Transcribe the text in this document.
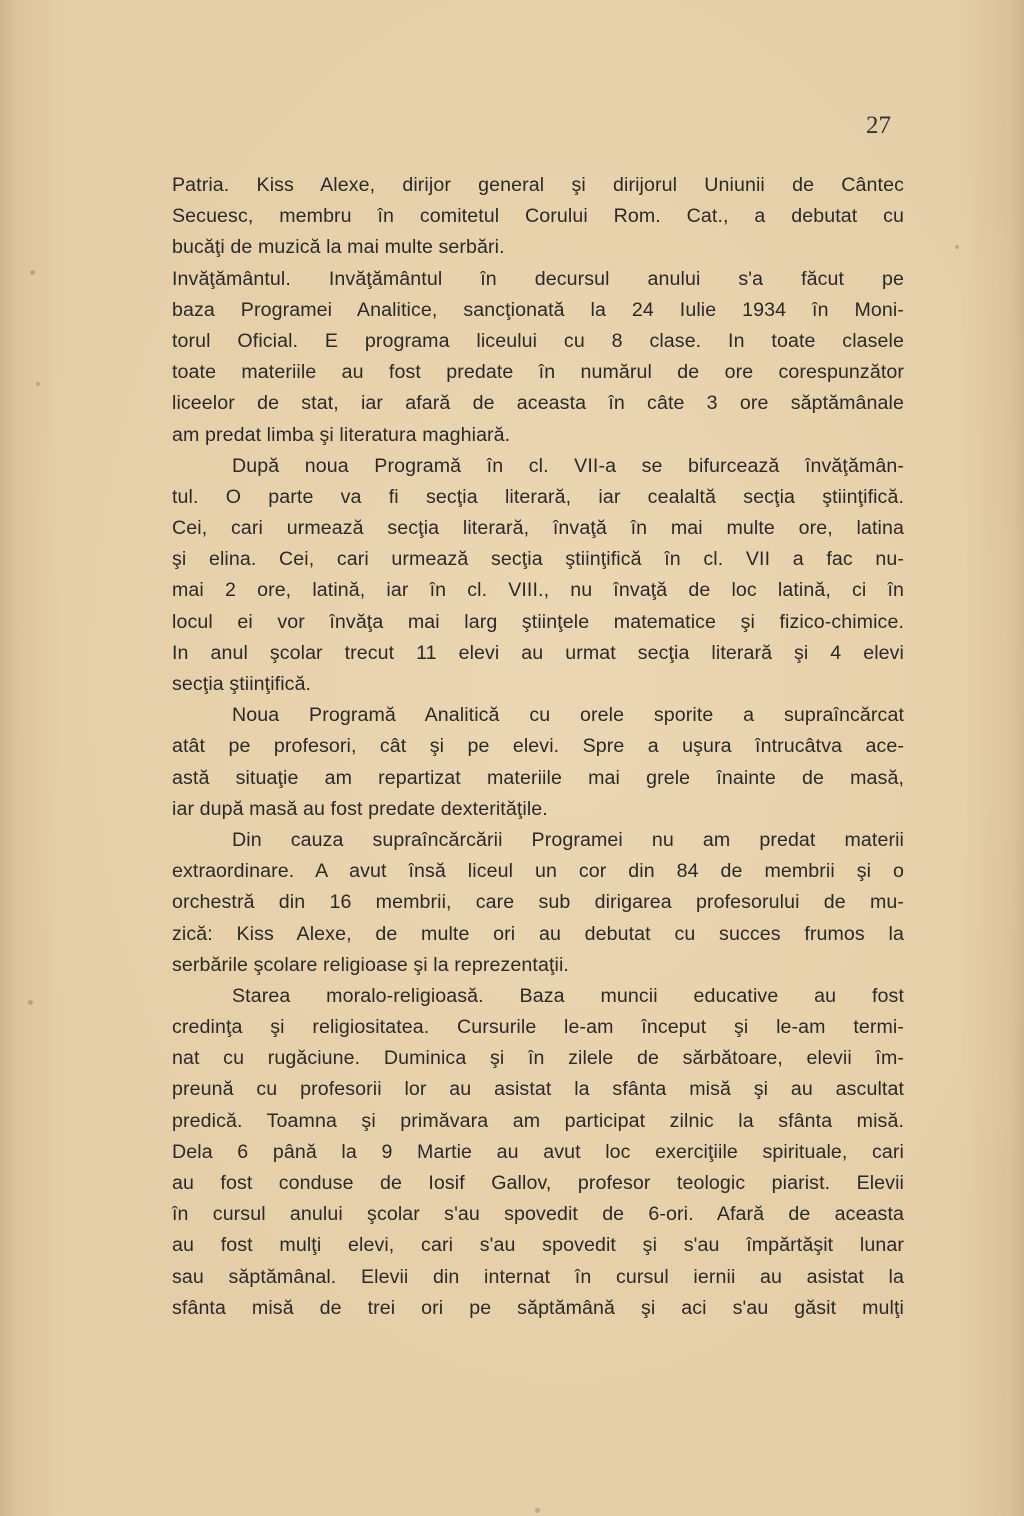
27
Patria. Kiss Alexe, dirijor general şi dirijorul Uniunii de Cântec
Secuesc, membru în comitetul Corului Rom. Cat., a debutat cu
bucăţi de muzică la mai multe serbări.
Invăţământul. Invăţământul în decursul anului s'a făcut pe
baza Programei Analitice, sancţionată la 24 Iulie 1934 în Moni-
torul Oficial. E programa liceului cu 8 clase. In toate clasele
toate materiile au fost predate în numărul de ore corespunzător
liceelor de stat, iar afară de aceasta în câte 3 ore săptămânale
am predat limba şi literatura maghiară.
După noua Programă în cl. VII-a se bifurcează învăţămân-
tul. O parte va fi secţia literară, iar cealaltă secţia ştiinţifică.
Cei, cari urmează secţia literară, învaţă în mai multe ore, latina
şi elina. Cei, cari urmează secţia ştiinţifică în cl. VII a fac nu-
mai 2 ore, latină, iar în cl. VIII., nu învaţă de loc latină, ci în
locul ei vor învăţa mai larg ştiinţele matematice şi fizico-chimice.
In anul şcolar trecut 11 elevi au urmat secţia literară şi 4 elevi
secţia ştiinţifică.
Noua Programă Analitică cu orele sporite a supraîncărcat
atât pe profesori, cât şi pe elevi. Spre a uşura întrucâtva ace-
astă situaţie am repartizat materiile mai grele înainte de masă,
iar după masă au fost predate dexterităţile.
Din cauza supraîncărcării Programei nu am predat materii
extraordinare. A avut însă liceul un cor din 84 de membrii şi o
orchestră din 16 membrii, care sub dirigarea profesorului de mu-
zică: Kiss Alexe, de multe ori au debutat cu succes frumos la
serbările şcolare religioase şi la reprezentaţii.
Starea moralo-religioasă. Baza muncii educative au fost
credinţa şi religiositatea. Cursurile le-am început şi le-am termi-
nat cu rugăciune. Duminica şi în zilele de sărbătoare, elevii îm-
preună cu profesorii lor au asistat la sfânta misă şi au ascultat
predică. Toamna şi primăvara am participat zilnic la sfânta misă.
Dela 6 până la 9 Martie au avut loc exerciţiile spirituale, cari
au fost conduse de Iosif Gallov, profesor teologic piarist. Elevii
în cursul anului şcolar s'au spovedit de 6-ori. Afară de aceasta
au fost mulţi elevi, cari s'au spovedit şi s'au împărtăşit lunar
sau săptămânal. Elevii din internat în cursul iernii au asistat la
sfânta misă de trei ori pe săptămână şi aci s'au găsit mulţi
